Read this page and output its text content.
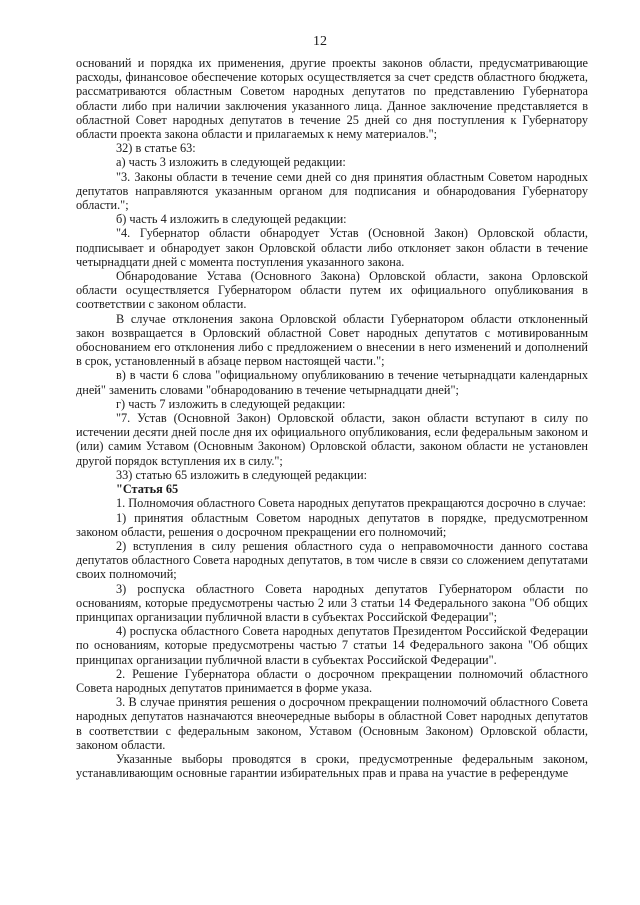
12

оснований и порядка их применения, другие проекты законов области, предусматривающие расходы, финансовое обеспечение которых осуществляется за счет средств областного бюджета, рассматриваются областным Советом народных депутатов по представлению Губернатора области либо при наличии заключения указанного лица. Данное заключение представляется в областной Совет народных депутатов в течение 25 дней со дня поступления к Губернатору области проекта закона области и прилагаемых к нему материалов.";

32) в статье 63:

а) часть 3 изложить в следующей редакции:

"3. Законы области в течение семи дней со дня принятия областным Советом народных депутатов направляются указанным органом для подписания и обнародования Губернатору области.";

б) часть 4 изложить в следующей редакции:

"4. Губернатор области обнародует Устав (Основной Закон) Орловской области, подписывает и обнародует закон Орловской области либо отклоняет закон области в течение четырнадцати дней с момента поступления указанного закона.

Обнародование Устава (Основного Закона) Орловской области, закона Орловской области осуществляется Губернатором области путем их официального опубликования в соответствии с законом области.

В случае отклонения закона Орловской области Губернатором области отклоненный закон возвращается в Орловский областной Совет народных депутатов с мотивированным обоснованием его отклонения либо с предложением о внесении в него изменений и дополнений в срок, установленный в абзаце первом настоящей части.";

в) в части 6 слова "официальному опубликованию в течение четырнадцати календарных дней" заменить словами "обнародованию в течение четырнадцати дней";

г) часть 7 изложить в следующей редакции:

"7. Устав (Основной Закон) Орловской области, закон области вступают в силу по истечении десяти дней после дня их официального опубликования, если федеральным законом и (или) самим Уставом (Основным Законом) Орловской области, законом области не установлен другой порядок вступления их в силу.";

33) статью 65 изложить в следующей редакции:

"Статья 65

1. Полномочия областного Совета народных депутатов прекращаются досрочно в случае:

1) принятия областным Советом народных депутатов в порядке, предусмотренном законом области, решения о досрочном прекращении его полномочий;

2) вступления в силу решения областного суда о неправомочности данного состава депутатов областного Совета народных депутатов, в том числе в связи со сложением депутатами своих полномочий;

3) роспуска областного Совета народных депутатов Губернатором области по основаниям, которые предусмотрены частью 2 или 3 статьи 14 Федерального закона "Об общих принципах организации публичной власти в субъектах Российской Федерации";

4) роспуска областного Совета народных депутатов Президентом Российской Федерации по основаниям, которые предусмотрены частью 7 статьи 14 Федерального закона "Об общих принципах организации публичной власти в субъектах Российской Федерации".

2. Решение Губернатора области о досрочном прекращении полномочий областного Совета народных депутатов принимается в форме указа.

3. В случае принятия решения о досрочном прекращении полномочий областного Совета народных депутатов назначаются внеочередные выборы в областной Совет народных депутатов в соответствии с федеральным законом, Уставом (Основным Законом) Орловской области, законом области.

Указанные выборы проводятся в сроки, предусмотренные федеральным законом, устанавливающим основные гарантии избирательных прав и права на участие в референдуме
